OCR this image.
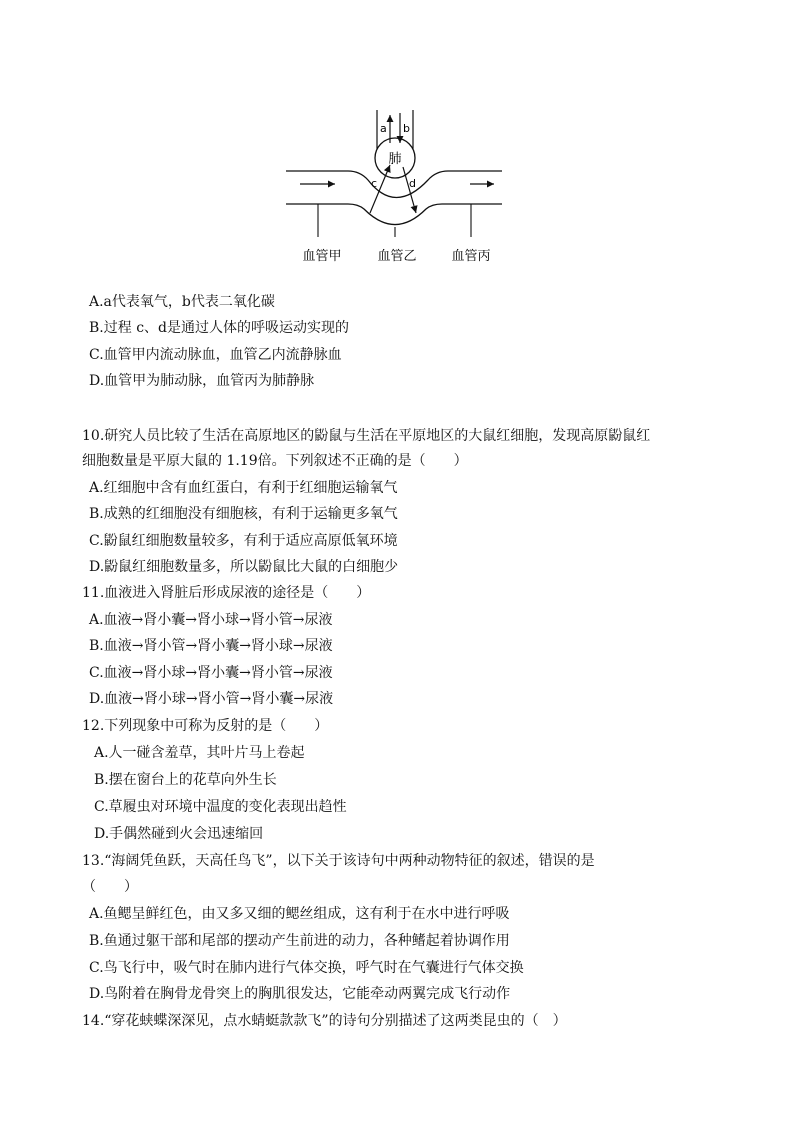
肺
a b
c	d
血管甲	血管乙	血管丙
A.a代表氧气，b代表二氧化碳
B.过程 c、d是通过人体的呼吸运动实现的
C.血管甲内流动脉血，血管乙内流静脉血
D.血管甲为肺动脉，血管丙为肺静脉
10.研究人员比较了生活在高原地区的鼢鼠与生活在平原地区的大鼠红细胞，发现高原鼢鼠红
细胞数量是平原大鼠的 1.19倍。下列叙述不正确的是（　　）
A.红细胞中含有血红蛋白，有利于红细胞运输氧气
B.成熟的红细胞没有细胞核，有利于运输更多氧气
C.鼢鼠红细胞数量较多，有利于适应高原低氧环境
D.鼢鼠红细胞数量多，所以鼢鼠比大鼠的白细胞少
11.血液进入肾脏后形成尿液的途径是（　　）
A.血液→肾小囊→肾小球→肾小管→尿液
B.血液→肾小管→肾小囊→肾小球→尿液
C.血液→肾小球→肾小囊→肾小管→尿液
D.血液→肾小球→肾小管→肾小囊→尿液
12.下列现象中可称为反射的是（　　）
A.人一碰含羞草，其叶片马上卷起
B.摆在窗台上的花草向外生长
C.草履虫对环境中温度的变化表现出趋性
D.手偶然碰到火会迅速缩回
13.“海阔凭鱼跃，天高任鸟飞”，以下关于该诗句中两种动物特征的叙述，错误的是
（　　）
A.鱼鳃呈鲜红色，由又多又细的鳃丝组成，这有利于在水中进行呼吸
B.鱼通过躯干部和尾部的摆动产生前进的动力，各种鳍起着协调作用
C.鸟飞行中，吸气时在肺内进行气体交换，呼气时在气囊进行气体交换
D.鸟附着在胸骨龙骨突上的胸肌很发达，它能牵动两翼完成飞行动作
14.“穿花蛱蝶深深见，点水蜻蜓款款飞”的诗句分别描述了这两类昆虫的（　）
